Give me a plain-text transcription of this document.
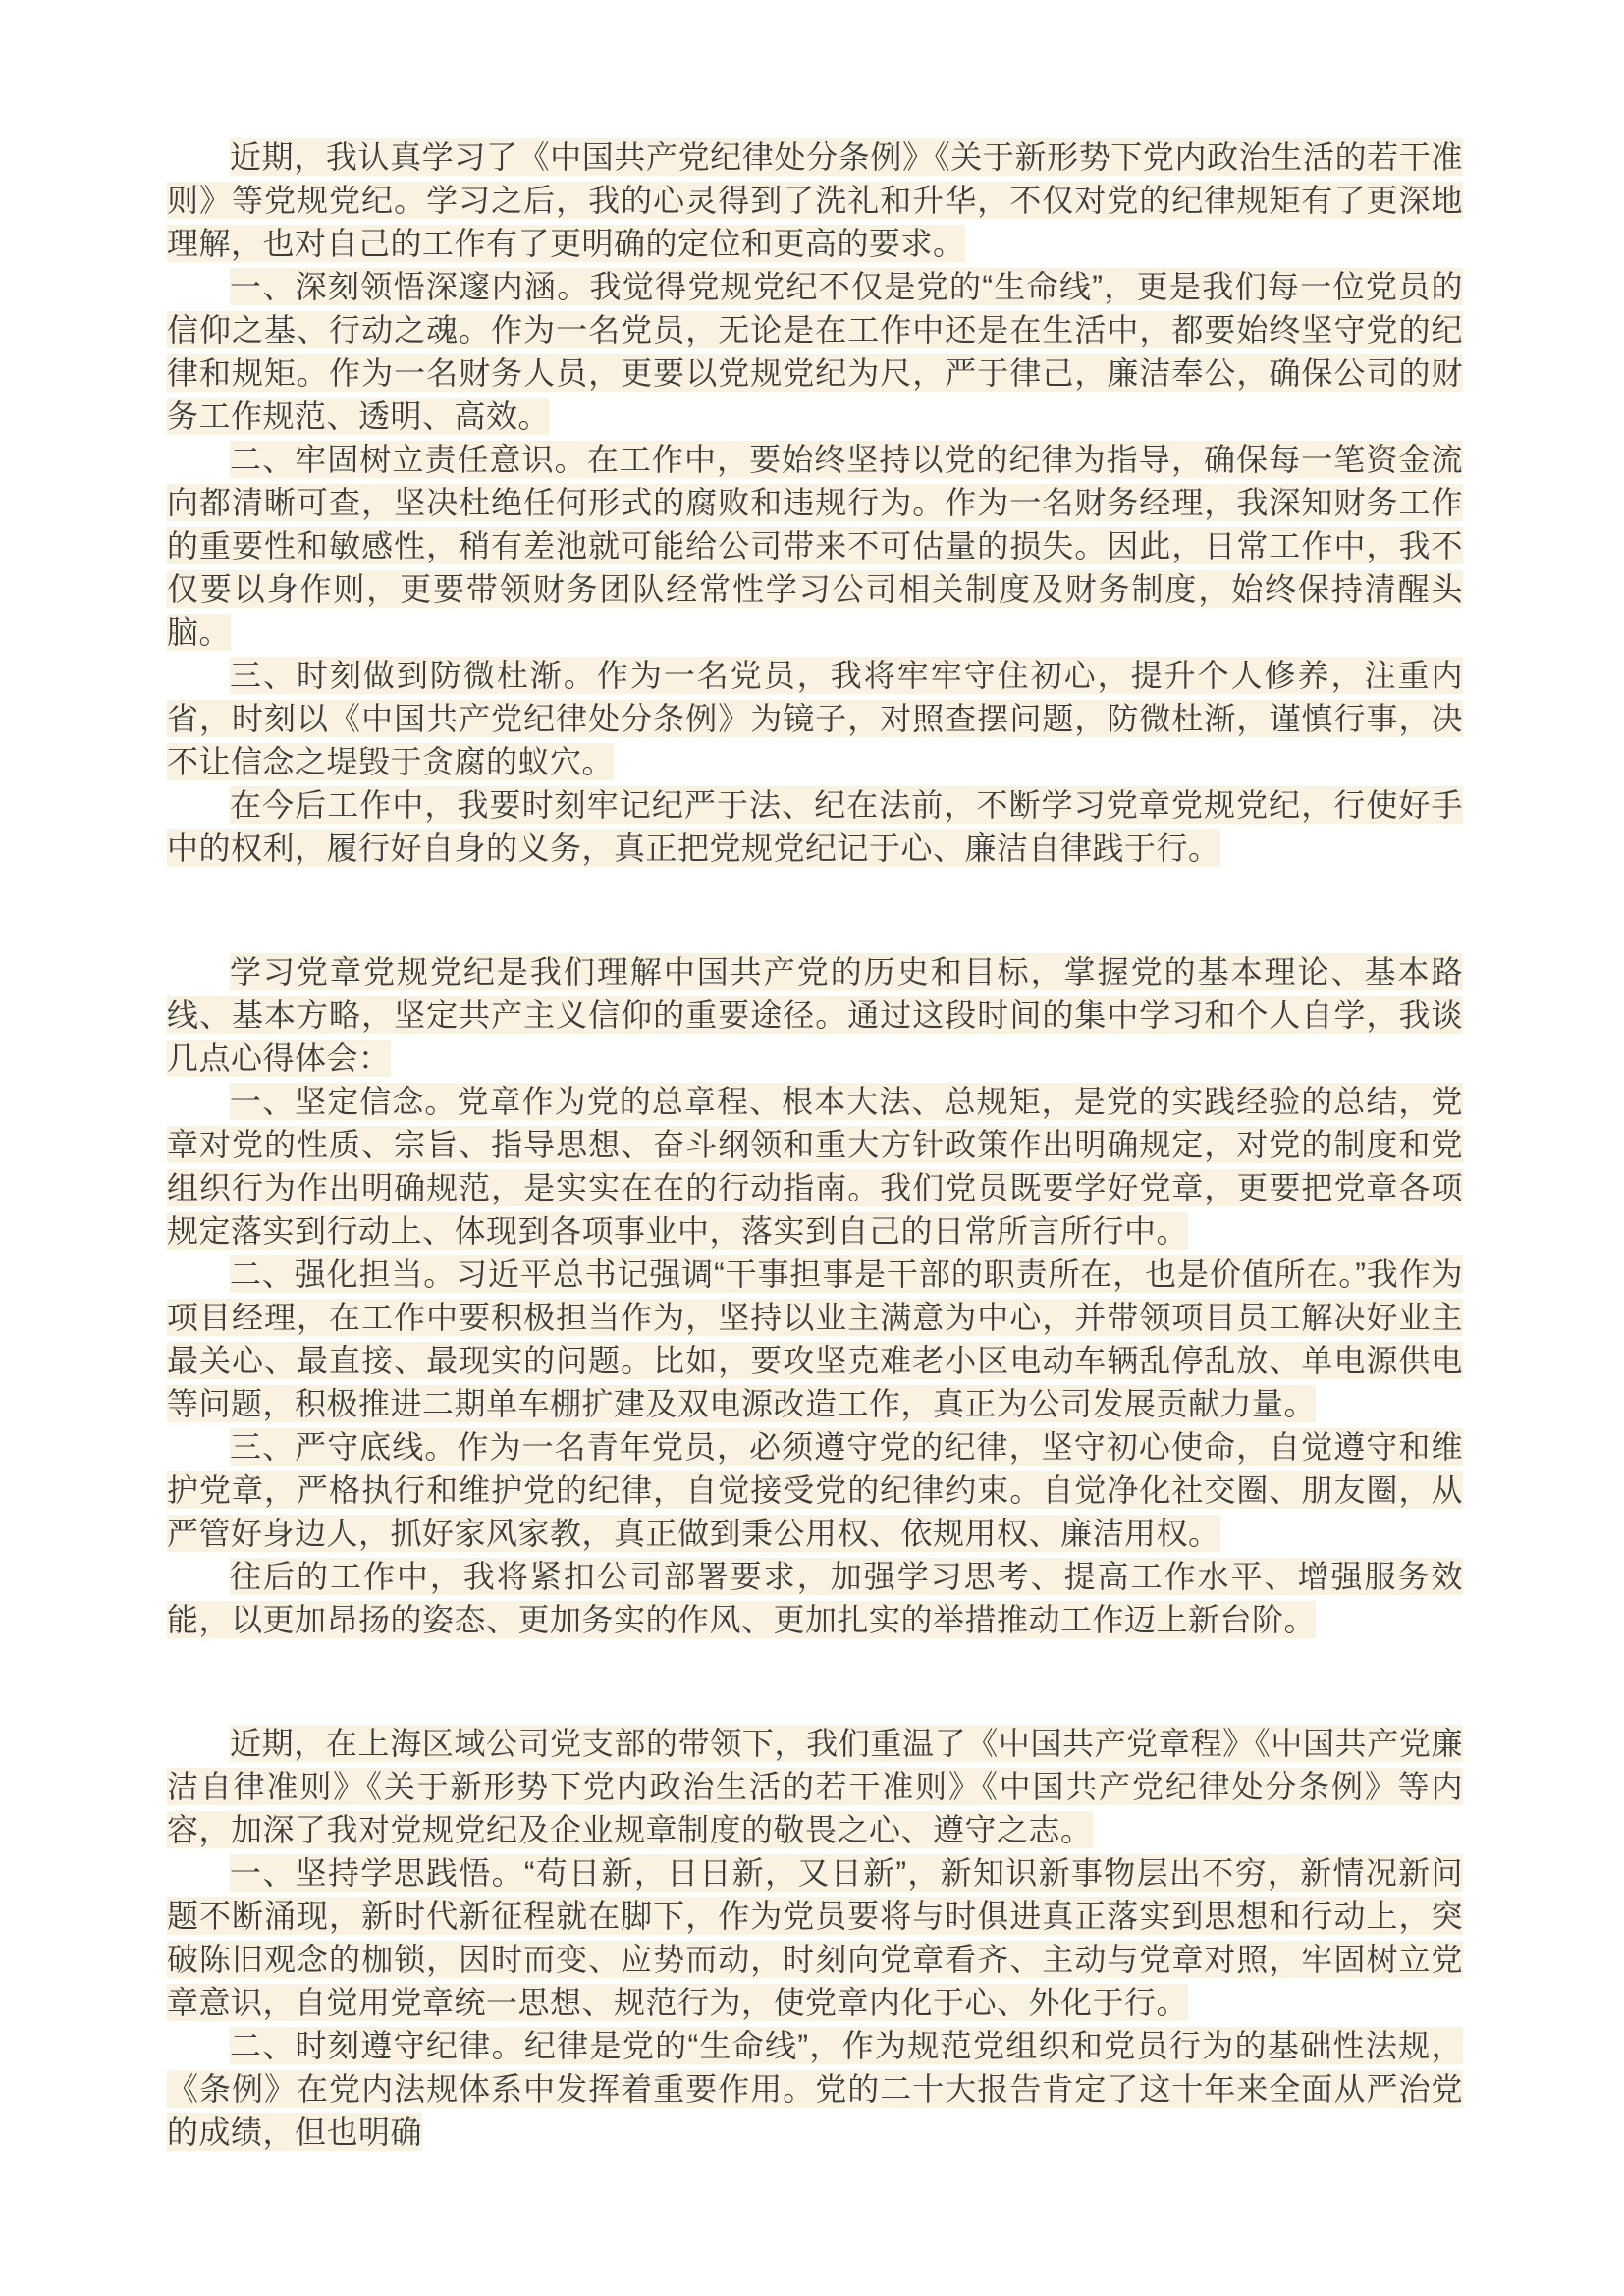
近期，我认真学习了《中国共产党纪律处分条例》《关于新形势下党内政治生活的若干准则》等党规党纪。学习之后，我的心灵得到了洗礼和升华，不仅对党的纪律规矩有了更深地理解，也对自己的工作有了更明确的定位和更高的要求。

一、深刻领悟深邃内涵。我觉得党规党纪不仅是党的“生命线”，更是我们每一位党员的信仰之基、行动之魂。作为一名党员，无论是在工作中还是在生活中，都要始终坚守党的纪律和规矩。作为一名财务人员，更要以党规党纪为尺，严于律己，廉洁奉公，确保公司的财务工作规范、透明、高效。

二、牢固树立责任意识。在工作中，要始终坚持以党的纪律为指导，确保每一笔资金流向都清晰可查，坚决杜绝任何形式的腐败和违规行为。作为一名财务经理，我深知财务工作的重要性和敏感性，稍有差池就可能给公司带来不可估量的损失。因此，日常工作中，我不仅要以身作则，更要带领财务团队经常性学习公司相关制度及财务制度，始终保持清醒头脑。

三、时刻做到防微杜渐。作为一名党员，我将牢牢守住初心，提升个人修养，注重内省，时刻以《中国共产党纪律处分条例》为镜子，对照查摆问题，防微杜渐，谨慎行事，决不让信念之堤毁于贪腐的蚁穴。

在今后工作中，我要时刻牢记纪严于法、纪在法前，不断学习党章党规党纪，行使好手中的权利，履行好自身的义务，真正把党规党纪记于心、廉洁自律践于行。

学习党章党规党纪是我们理解中国共产党的历史和目标，掌握党的基本理论、基本路线、基本方略，坚定共产主义信仰的重要途径。通过这段时间的集中学习和个人自学，我谈几点心得体会：

一、坚定信念。党章作为党的总章程、根本大法、总规矩，是党的实践经验的总结，党章对党的性质、宗旨、指导思想、奋斗纲领和重大方针政策作出明确规定，对党的制度和党组织行为作出明确规范，是实实在在的行动指南。我们党员既要学好党章，更要把党章各项规定落实到行动上、体现到各项事业中，落实到自己的日常所言所行中。

二、强化担当。习近平总书记强调“干事担事是干部的职责所在，也是价值所在。”我作为项目经理，在工作中要积极担当作为，坚持以业主满意为中心，并带领项目员工解决好业主最关心、最直接、最现实的问题。比如，要攻坚克难老小区电动车辆乱停乱放、单电源供电等问题，积极推进二期单车棚扩建及双电源改造工作，真正为公司发展贡献力量。

三、严守底线。作为一名青年党员，必须遵守党的纪律，坚守初心使命，自觉遵守和维护党章，严格执行和维护党的纪律，自觉接受党的纪律约束。自觉净化社交圈、朋友圈，从严管好身边人，抓好家风家教，真正做到秉公用权、依规用权、廉洁用权。

往后的工作中，我将紧扣公司部署要求，加强学习思考、提高工作水平、增强服务效能，以更加昂扬的姿态、更加务实的作风、更加扎实的举措推动工作迈上新台阶。

近期，在上海区域公司党支部的带领下，我们重温了《中国共产党章程》《中国共产党廉洁自律准则》《关于新形势下党内政治生活的若干准则》《中国共产党纪律处分条例》等内容，加深了我对党规党纪及企业规章制度的敬畏之心、遵守之志。

一、坚持学思践悟。“苟日新，日日新，又日新”，新知识新事物层出不穷，新情况新问题不断涌现，新时代新征程就在脚下，作为党员要将与时俱进真正落实到思想和行动上，突破陈旧观念的枷锁，因时而变、应势而动，时刻向党章看齐、主动与党章对照，牢固树立党章意识，自觉用党章统一思想、规范行为，使党章内化于心、外化于行。

二、时刻遵守纪律。纪律是党的“生命线”，作为规范党组织和党员行为的基础性法规，《条例》在党内法规体系中发挥着重要作用。党的二十大报告肯定了这十年来全面从严治党的成绩，但也明确
